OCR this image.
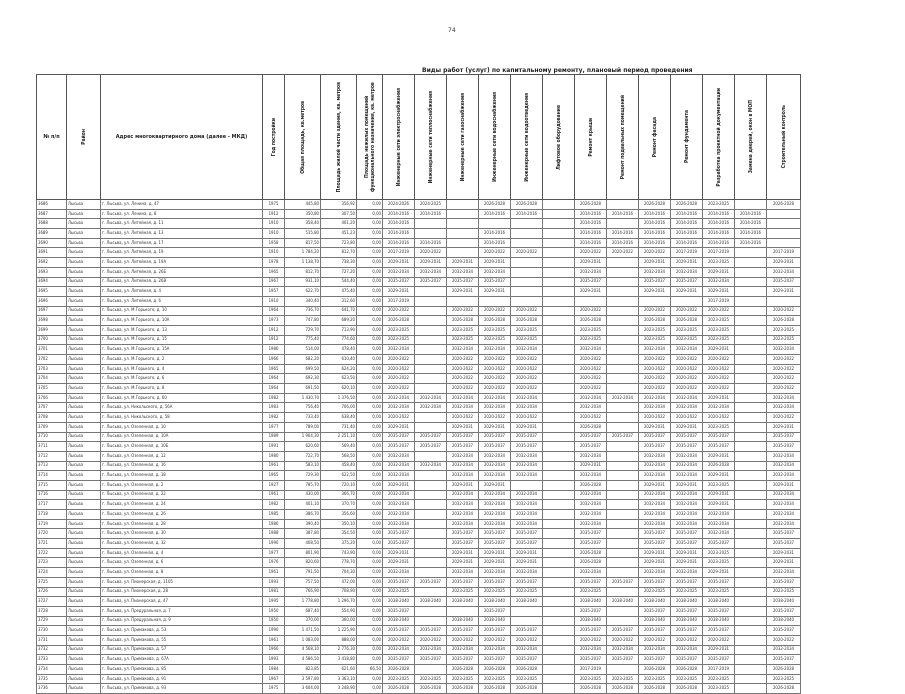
74
Виды работ (услуг) по капитальному ремонту, плановый период проведения
№ п/п	Район	Адрес многоквартирного дома (далее - МКД)	Год постройки	Общая площадь, кв.метров	Площадь жилой части здания, кв. метров	Площадь нежилых помещений функционального назначения, кв. метров	Инженерные сети электроснабжения	Инженерные сети теплоснабжения	Инженерные сети газоснабжения	Инженерные сети водоснабжения	Инженерные сети водоотведения	Лифтовое оборудование	Ремонт крыши	Ремонт подвальных помещений	Ремонт фасада	Ремонт фундамента	Разработка проектной документации	Замена дверей, окон в МОП	Строительный контроль

3686	Лысьва	г. Лысьва, ул. Ленина, д. 47	1975	445,80	356,92	0,00	2024-2026	2024-2025		2026-2028	2026-2028		2026-2028		2026-2028	2026-2028	2023-2025		2026-2028
3687	Лысьва	г. Лысьва, ул. Ленина, д. 8	1912	350,80	307,50	0,00	2014-2016	2014-2016		2014-2016	2014-2016		2014-2016	2014-2016	2014-2016	2014-2016	2014-2016	2014-2016	
3688	Лысьва	г. Лысьва, ул. Литейная, д. 11	1910	358,40	401,20	0,00	2014-2016						2014-2016		2014-2016	2014-2016	2014-2016	2014-2016	
3689	Лысьва	г. Лысьва, ул. Литейная, д. 13	1910	515,80	451,23	0,00	2014-2016			2014-2016			2014-2016	2014-2016	2014-2016	2014-2016	2014-2016	2014-2016	
3690	Лысьва	г. Лысьва, ул. Литейная, д. 17	1958	817,50	723,80	0,00	2014-2016	2014-2016		2014-2016			2014-2016	2014-2016	2014-2016	2014-2016	2014-2016	2014-2016	
3691	Лысьва	г. Лысьва, ул. Литейная, д. 19	1910	1 784,20	812,70	0,00	2017-2019	2020-2022		2020-2022	2020-2022		2020-2022	2020-2022	2020-2022	2017-2019	2017-2019		2017-2019
3692	Лысьва	г. Лысьва, ул. Литейная, д. 19А	1978	1 138,70	738,30	0,00	2029-2031	2029-2031	2029-2031	2029-2031			2029-2031		2029-2031	2029-2031	2023-2025		2029-2031
3693	Лысьва	г. Лысьва, ул. Литейная, д. 26Б	1965	812,70	727,20	0,00	2032-2034	2032-2034	2032-2034	2032-2034			2032-2034		2032-2034	2032-2034	2029-2031		2032-2034
3694	Лысьва	г. Лысьва, ул. Литейная, д. 26В	1967	931,10	544,40	0,00	2035-2037	2035-2037	2035-2037	2035-2037			2035-2037		2035-2037	2035-2037	2032-2034		2035-2037
3695	Лысьва	г. Лысьва, ул. Литейная, д. 4	1957	622,70	475,40	0,00	2029-2031		2029-2031	2029-2031			2029-2031		2029-2031	2029-2031	2029-2031		2029-2031
3696	Лысьва	г. Лысьва, ул. Литейная, д. 6	1910	340,40	312,60	0,00	2017-2019										2017-2019		
3697	Лысьва	г. Лысьва, ул. М.Горького, д. 10	1964	736,70	641,70	0,00	2020-2022		2020-2022	2020-2022	2020-2022		2020-2022		2020-2022	2020-2022	2020-2022		2020-2022
3698	Лысьва	г. Лысьва, ул. М.Горького, д. 10А	1973	747,80	689,20	0,00	2026-2028		2026-2028	2026-2028	2026-2028		2026-2028		2026-2028	2026-2028	2023-2025		2026-2028
3699	Лысьва	г. Лысьва, ул. М.Горького, д. 13	1912	729,70	713,90	0,00	2023-2025		2023-2025	2023-2025	2023-2025		2023-2025		2023-2025	2023-2025	2023-2025		2023-2025
3700	Лысьва	г. Лысьва, ул. М.Горького, д. 15	1912	775,40	774,60	0,00	2023-2025		2023-2025	2023-2025	2023-2025		2023-2025		2023-2025	2023-2025	2023-2025		2023-2025
3701	Лысьва	г. Лысьва, ул. М.Горького, д. 15А	1986	514,00	478,40	0,00	2032-2034		2032-2034	2032-2034	2032-2034		2032-2034		2032-2034	2032-2034	2029-2031		2032-2034
3702	Лысьва	г. Лысьва, ул. М.Горького, д. 2	1966	682,20	610,40	0,00	2020-2022		2020-2022	2020-2022	2020-2022		2020-2022		2020-2022	2020-2022	2020-2022		2020-2022
3703	Лысьва	г. Лысьва, ул. М.Горького, д. 4	1965	699,50	624,20	0,00	2020-2022		2020-2022	2020-2022	2020-2022		2020-2022		2020-2022	2020-2022	2020-2022		2020-2022
3704	Лысьва	г. Лысьва, ул. М.Горького, д. 6	1964	692,30	623,50	0,00	2020-2022		2020-2022	2020-2022	2020-2022		2020-2022		2020-2022	2020-2022	2020-2022		2020-2022
3705	Лысьва	г. Лысьва, ул. М.Горького, д. 8	1964	691,50	620,10	0,00	2020-2022		2020-2022	2020-2022	2020-2022		2020-2022		2020-2022	2020-2022	2020-2022		2020-2022
3706	Лысьва	г. Лысьва, ул. М.Горького, д. 60	1982	1 430,70	1 376,50	0,00	2032-2034	2032-2034	2032-2034	2032-2034	2032-2034		2032-2034	2032-2034	2032-2034	2032-2034	2029-2031		2032-2034
3707	Лысьва	г. Лысьва, ул. Никольского, д. 56А	1983	756,40	706,00	0,00	2032-2034	2032-2034	2032-2034	2032-2034	2032-2034		2032-2034		2032-2034	2032-2034	2032-2034		2032-2034
3708	Лысьва	г. Лысьва, ул. Никольского, д. 58	1982	733,40	638,40	0,00	2020-2022		2020-2022	2020-2022	2020-2022		2020-2022		2020-2022	2020-2022	2020-2022		2020-2022
3709	Лысьва	г. Лысьва, ул. Озеленная, д. 10	1977	789,00	731,40	0,00	2029-2031		2029-2031	2029-2031	2029-2031		2026-2028		2029-2031	2029-2031	2023-2025		2029-2031
3710	Лысьва	г. Лысьва, ул. Озеленная, д. 10А	1989	1 904,30	2 251,10	0,00	2035-2037	2035-2037	2035-2037	2035-2037	2035-2037		2035-2037	2035-2037	2035-2037	2035-2037	2035-2037		2035-2037
3711	Лысьва	г. Лысьва, ул. Озеленная, д. 10Б	1991	620,60	569,40	0,00	2035-2037	2035-2037	2035-2037	2035-2037	2035-2037		2035-2037		2035-2037	2035-2037	2035-2037		2035-2037
3712	Лысьва	г. Лысьва, ул. Озеленная, д. 12	1980	722,70	568,50	0,00	2032-2034		2032-2034	2032-2034	2032-2034		2032-2034		2032-2034	2032-2034	2029-2031		2032-2034
3713	Лысьва	г. Лысьва, ул. Озеленная, д. 16	1961	583,10	458,40	0,00	2032-2034	2032-2034	2032-2034	2032-2034	2032-2034		2029-2031		2032-2034	2032-2034	2026-2028		2032-2034
3714	Лысьва	г. Лысьва, ул. Озеленная, д. 18	1965	729,30	622,50	0,00	2032-2034		2032-2034	2032-2034	2032-2034		2032-2034		2032-2034	2032-2034	2029-2031		2032-2034
3715	Лысьва	г. Лысьва, ул. Озеленная, д. 2	1927	785,70	720,10	0,00	2029-2031		2029-2031	2029-2031			2026-2028		2029-2031	2029-2031	2023-2025		2029-2031
3716	Лысьва	г. Лысьва, ул. Озеленная, д. 22	1961	430,00	366,70	0,00	2032-2034		2032-2034	2032-2034	2032-2034		2032-2034		2032-2034	2032-2034	2029-2031		2032-2034
3717	Лысьва	г. Лысьва, ул. Озеленная, д. 24	1982	401,10	370,70	0,00	2032-2034		2032-2034	2032-2034	2032-2034		2032-2034		2032-2034	2032-2034	2029-2031		2032-2034
3718	Лысьва	г. Лысьва, ул. Озеленная, д. 26	1985	386,70	356,60	0,00	2032-2034		2032-2034	2032-2034	2032-2034		2032-2034		2032-2034	2032-2034	2032-2034		2032-2034
3719	Лысьва	г. Лысьва, ул. Озеленная, д. 28	1986	390,40	350,10	0,00	2032-2034		2032-2034	2032-2034	2032-2034		2032-2034		2032-2034	2032-2034	2032-2034		2032-2034
3720	Лысьва	г. Лысьва, ул. Озеленная, д. 30	1988	387,80	354,50	0,00	2035-2037		2035-2037	2035-2037	2035-2037		2035-2037		2035-2037	2035-2037	2032-2034		2035-2037
3721	Лысьва	г. Лысьва, ул. Озеленная, д. 32	1990	408,50	375,20	0,00	2035-2037		2035-2037	2035-2037	2035-2037		2035-2037		2035-2037	2035-2037	2035-2037		2035-2037
3722	Лысьва	г. Лысьва, ул. Озеленная, д. 4	1977	801,90	743,90	0,00	2029-2031		2029-2031	2029-2031	2029-2031		2026-2028		2029-2031	2029-2031	2023-2025		2029-2031
3723	Лысьва	г. Лысьва, ул. Озеленная, д. 6	1976	820,60	778,70	0,00	2029-2031		2029-2031	2029-2031	2029-2031		2026-2028		2029-2031	2029-2031	2023-2025		2029-2031
3724	Лысьва	г. Лысьва, ул. Озеленная, д. 8	1961	791,50	704,30	0,00	2032-2034		2032-2034	2032-2034	2032-2034		2032-2034		2032-2034	2032-2034	2029-2031		2032-2034
3725	Лысьва	г. Лысьва, ул. Пионерская, д. 1105	1993	757,50	472,00	0,00	2035-2037	2035-2037	2035-2037	2035-2037	2035-2037		2035-2037	2035-2037	2035-2037	2035-2037	2035-2037		2035-2037
3726	Лысьва	г. Лысьва, ул. Пионерская, д. 28	1981	766,90	708,90	0,00	2023-2025		2023-2025	2023-2025	2023-2025		2023-2025		2023-2025	2023-2025	2023-2025		2023-2025
3727	Лысьва	г. Лысьва, ул. Пионерская, д. 47	1995	1 778,80	1 296,70	0,00	2038-2040	2038-2040	2038-2040	2038-2040	2038-2040		2038-2040	2038-2040	2038-2040	2038-2040	2038-2040		2038-2040
3728	Лысьва	г. Лысьва, ул. Предуральная, д. 7	1950	687,40	554,90	0,00	2035-2037			2035-2037			2035-2037		2035-2037	2035-2037	2035-2037		2035-2037
3729	Лысьва	г. Лысьва, ул. Предуральная, д. 9	1950	370,00	360,00	0,00	2038-2040		2038-2040	2038-2040			2038-2040		2038-2040	2038-2040	2038-2040		2038-2040
3730	Лысьва	г. Лысьва, ул. Примакова, д. 53	1990	1 471,50	1 225,90	0,00	2035-2037	2035-2037	2035-2037	2035-2037	2035-2037		2035-2037	2035-2037	2035-2037	2035-2037	2035-2037		2035-2037
3731	Лысьва	г. Лысьва, ул. Примакова, д. 55	1961	1 083,00	888,00	0,00	2020-2022	2020-2022	2020-2022	2020-2022	2020-2022		2020-2022	2020-2022	2020-2022	2020-2022	2020-2022		2020-2022
3732	Лысьва	г. Лысьва, ул. Примакова, д. 57	1966	4 568,10	2 776,30	0,00	2032-2034	2032-2034	2032-2034	2032-2034	2032-2034		2032-2034	2032-2034	2032-2034	2032-2034	2029-2031		2032-2034
3733	Лысьва	г. Лысьва, ул. Примакова, д. 67А	1993	4 586,50	3 418,80	0,00	2035-2037	2035-2037	2035-2037	2035-2037	2035-2037		2035-2037	2035-2037	2035-2037	2035-2037	2035-2037		2035-2037
3734	Лысьва	г. Лысьва, ул. Примакова, д. 85	1984	823,85	621,60	66,50	2026-2028		2026-2028	2026-2028	2026-2028		2017-2019		2026-2028	2026-2028	2017-2019		2026-2028
3735	Лысьва	г. Лысьва, ул. Примакова, д. 91	1967	3 597,80	3 363,10	0,00	2023-2025	2023-2025	2023-2025	2023-2025	2023-2025		2023-2025	2023-2025	2023-2025	2023-2025	2023-2025		2023-2025
3736	Лысьва	г. Лысьва, ул. Примакова, д. 93	1975	3 604,00	3 248,90	0,00	2026-2028	2026-2028	2026-2028	2026-2028	2026-2028		2026-2028	2026-2028	2026-2028	2026-2028	2023-2025		2026-2028
